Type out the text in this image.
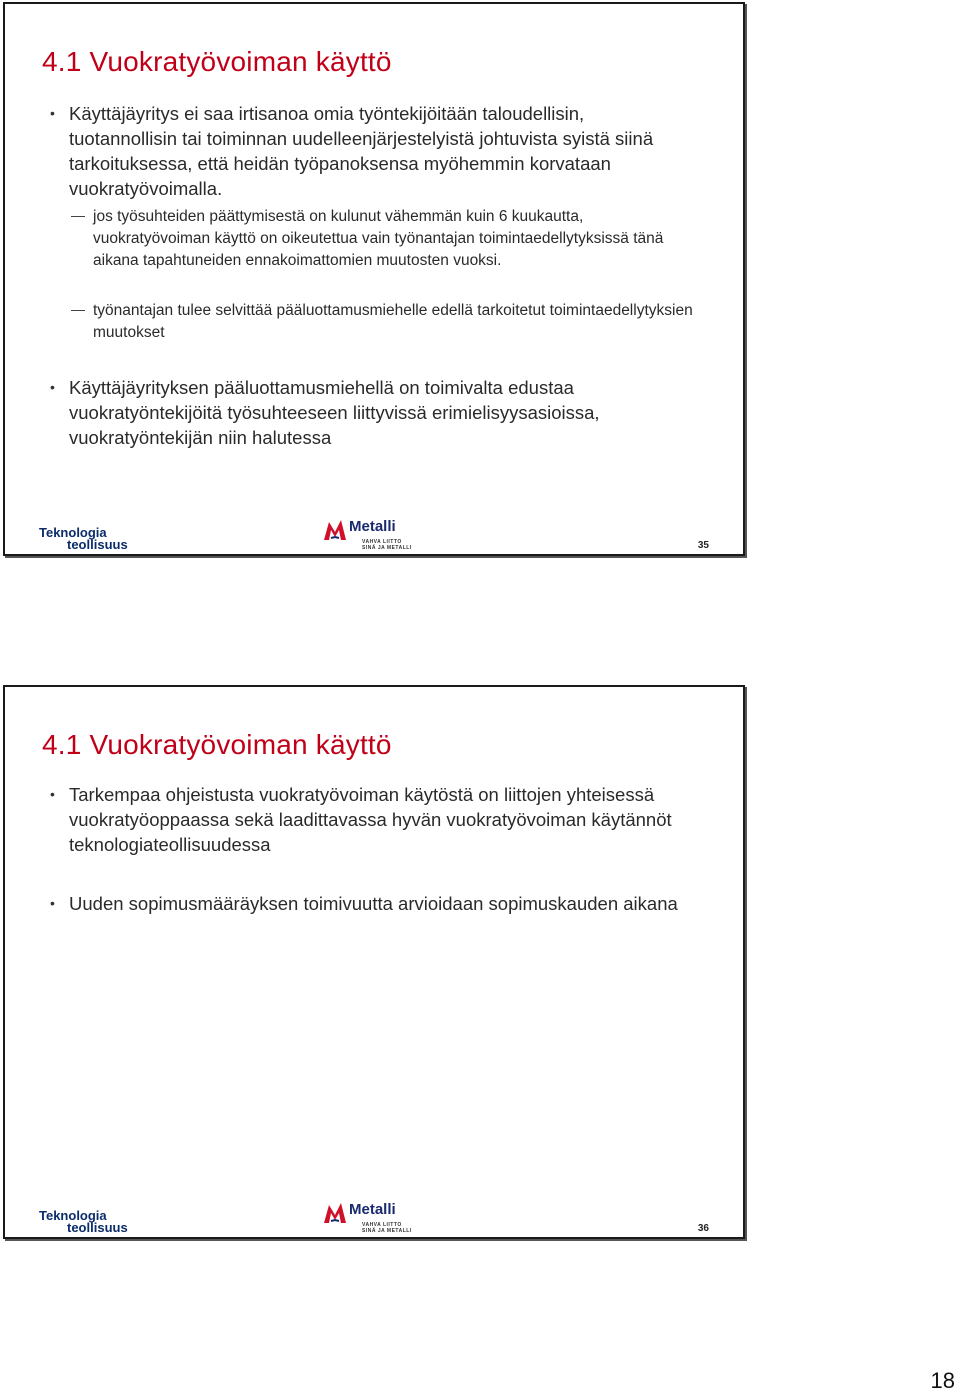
4.1 Vuokratyövoiman käyttö
• Käyttäjäyritys ei saa irtisanoa omia työntekijöitään taloudellisin, tuotannollisin tai toiminnan uudelleenjärjestelyistä johtuvista syistä siinä tarkoituksessa, että heidän työpanoksensa myöhemmin korvataan vuokratyövoimalla.
jos työsuhteiden päättymisestä on kulunut vähemmän kuin 6 kuukautta, vuokratyövoiman käyttö on oikeutettua vain työnantajan toimintaedellytyksissä tänä aikana tapahtuneiden ennakoimattomien muutosten vuoksi.
työnantajan tulee selvittää pääluottamusmiehelle edellä tarkoitetut toimintaedellytyksien muutokset
• Käyttäjäyrityksen pääluottamusmiehellä on toimivalta edustaa vuokratyöntekijöitä työsuhteeseen liittyvissä erimielisyysasioissa, vuokratyöntekijän niin halutessa
Teknologia
teollisuus
Metalli
VAHVA LIITTO
SINÄ JA METALLI	35
4.1 Vuokratyövoiman käyttö
• Tarkempaa ohjeistusta vuokratyövoiman käytöstä on liittojen yhteisessä vuokratyöoppaassa sekä laadittavassa hyvän vuokratyövoiman käytännöt teknologiateollisuudessa
• Uuden sopimusmääräyksen toimivuutta arvioidaan sopimuskauden aikana
Teknologia
teollisuus
Metalli
VAHVA LIITTO
SINÄ JA METALLI	36
18
